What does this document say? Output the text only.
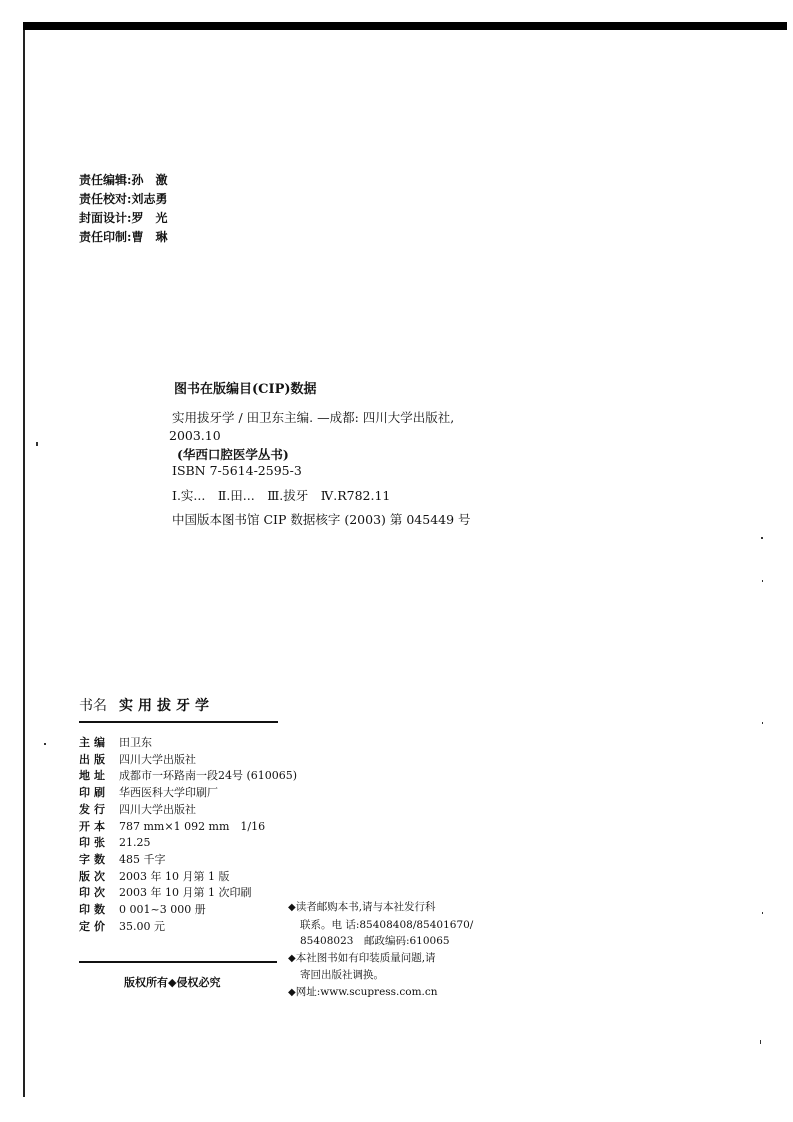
责任编辑:孙　激
责任校对:刘志勇
封面设计:罗　光
责任印制:曹　琳
图书在版编目(CIP)数据
实用拔牙学 / 田卫东主编. —成都: 四川大学出版社,
2003.10
(华西口腔医学丛书)
ISBN 7-5614-2595-3
Ⅰ.实...　Ⅱ.田...　Ⅲ.拔牙　Ⅳ.R782.11
中国版本图书馆 CIP 数据核字 (2003) 第 045449 号
书名 实用拔牙学
主编 田卫东
出版 四川大学出版社
地址 成都市一环路南一段24号 (610065)
印刷 华西医科大学印刷厂
发行 四川大学出版社
开本 787 mm×1 092 mm　1/16
印张 21.25
字数 485 千字
版次 2003 年 10 月第 1 版
印次 2003 年 10 月第 1 次印刷
印数 0 001~3 000 册
定价 35.00 元
版权所有◆侵权必究
◆读者邮购本书,请与本社发行科
联系。电 话:85408408/85401670/
85408023　邮政编码:610065
◆本社图书如有印装质量问题,请
寄回出版社调换。
◆网址:www.scupress.com.cn
